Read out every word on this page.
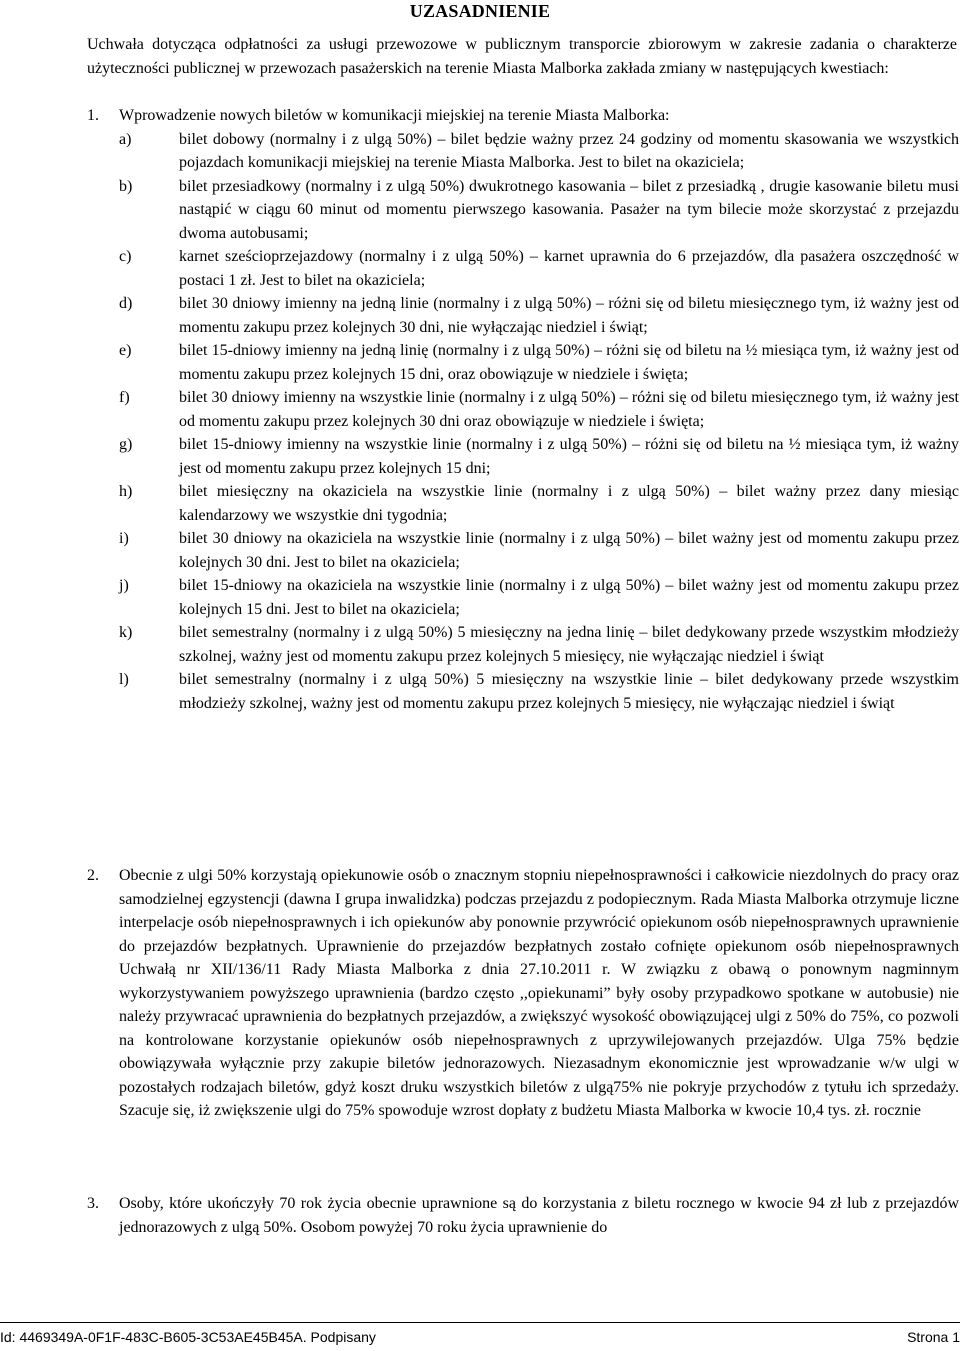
UZASADNIENIE
Uchwała dotycząca odpłatności za usługi przewozowe w publicznym transporcie zbiorowym w zakresie zadania o charakterze użyteczności publicznej w przewozach pasażerskich na terenie Miasta Malborka zakłada zmiany w następujących kwestiach:
1.	Wprowadzenie nowych biletów w komunikacji miejskiej na terenie Miasta Malborka:
a)	bilet dobowy (normalny i z ulgą 50%) – bilet będzie ważny przez 24 godziny od momentu skasowania we wszystkich pojazdach komunikacji miejskiej na terenie Miasta Malborka. Jest to bilet na okaziciela;
b)	bilet przesiadkowy (normalny i z ulgą 50%) dwukrotnego kasowania – bilet z przesiadką , drugie kasowanie biletu musi nastąpić w ciągu 60 minut od momentu pierwszego kasowania. Pasażer na tym bilecie może skorzystać z przejazdu dwoma autobusami;
c)	karnet sześcioprzejazdowy (normalny i z ulgą 50%) – karnet uprawnia do 6 przejazdów, dla pasażera oszczędność w postaci 1 zł. Jest to bilet na okaziciela;
d)	bilet 30 dniowy imienny na jedną linie (normalny i z ulgą 50%) – różni się od biletu miesięcznego tym, iż ważny jest od momentu zakupu przez kolejnych 30 dni, nie wyłączając niedziel i świąt;
e)	bilet 15-dniowy imienny na jedną linię (normalny i z ulgą 50%) – różni się od biletu na ½ miesiąca tym, iż ważny jest od momentu zakupu przez kolejnych 15 dni, oraz obowiązuje w niedziele i święta;
f)	bilet 30 dniowy imienny na wszystkie linie (normalny i z ulgą 50%) – różni się od biletu miesięcznego tym, iż ważny jest od momentu zakupu przez kolejnych 30 dni oraz obowiązuje w niedziele i święta;
g)	bilet 15-dniowy imienny na wszystkie linie (normalny i z ulgą 50%) – różni się od biletu na ½ miesiąca tym, iż ważny jest od momentu zakupu przez kolejnych 15 dni;
h)	bilet miesięczny na okaziciela na wszystkie linie (normalny i z ulgą 50%) – bilet ważny przez dany miesiąc kalendarzowy we wszystkie dni tygodnia;
i)	bilet 30 dniowy na okaziciela na wszystkie linie (normalny i z ulgą 50%) – bilet ważny jest od momentu zakupu przez kolejnych 30 dni. Jest to bilet na okaziciela;
j)	bilet 15-dniowy na okaziciela na wszystkie linie (normalny i z ulgą 50%) – bilet ważny jest od momentu zakupu przez kolejnych 15 dni. Jest to bilet na okaziciela;
k)	bilet semestralny (normalny i z ulgą 50%) 5 miesięczny na jedna linię – bilet dedykowany przede wszystkim młodzieży szkolnej, ważny jest od momentu zakupu przez kolejnych 5 miesięcy, nie wyłączając niedziel i świąt
l)	bilet semestralny (normalny i z ulgą 50%) 5 miesięczny na wszystkie linie – bilet dedykowany przede wszystkim młodzieży szkolnej, ważny jest od momentu zakupu przez kolejnych 5 miesięcy, nie wyłączając niedziel i świąt
2.	Obecnie z ulgi 50% korzystają opiekunowie osób o znacznym stopniu niepełnosprawności i całkowicie niezdolnych do pracy oraz samodzielnej egzystencji (dawna I grupa inwalidzka) podczas przejazdu z podopiecznym. Rada Miasta Malborka otrzymuje liczne interpelacje osób niepełnosprawnych i ich opiekunów aby ponownie przywrócić opiekunom osób niepełnosprawnych uprawnienie do przejazdów bezpłatnych. Uprawnienie do przejazdów bezpłatnych zostało cofnięte opiekunom osób niepełnosprawnych Uchwałą nr XII/136/11 Rady Miasta Malborka z dnia 27.10.2011 r. W związku z obawą o ponownym nagminnym wykorzystywaniem powyższego uprawnienia (bardzo często ,,opiekunami” były osoby przypadkowo spotkane w autobusie) nie należy przywracać uprawnienia do bezpłatnych przejazdów, a zwiększyć wysokość obowiązującej ulgi z 50% do 75%, co pozwoli na kontrolowane korzystanie opiekunów osób niepełnosprawnych z uprzywilejowanych przejazdów. Ulga 75% będzie obowiązywała wyłącznie przy zakupie biletów jednorazowych. Niezasadnym ekonomicznie jest wprowadzanie w/w ulgi w pozostałych rodzajach biletów, gdyż koszt druku wszystkich biletów z ulgą75% nie pokryje przychodów z tytułu ich sprzedaży. Szacuje się, iż zwiększenie ulgi do 75% spowoduje wzrost dopłaty z budżetu Miasta Malborka w kwocie 10,4 tys. zł. rocznie
3.	Osoby, które ukończyły 70 rok życia obecnie uprawnione są do korzystania z biletu rocznego w kwocie 94 zł lub z przejazdów jednorazowych z ulgą 50%. Osobom powyżej 70 roku życia uprawnienie do
Id: 4469349A-0F1F-483C-B605-3C53AE45B45A. Podpisany	Strona 1
